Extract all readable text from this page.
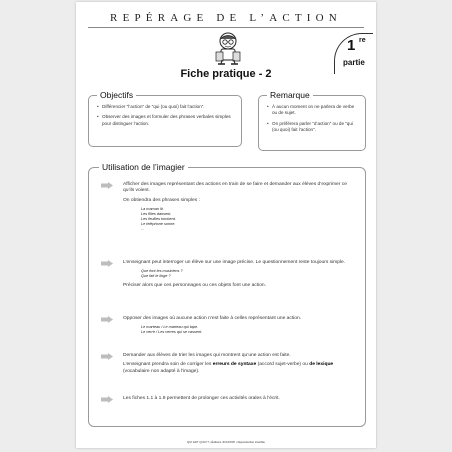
REPÉRAGE DE L’ACTION
Fiche pratique - 2
1 re
partie
Objectifs
• Différencier “l’action” de “qui (ou quoi) fait l’action”.
• Observer des images et formuler des phrases verbales simples pour distinguer l’action.
Remarque
• À aucun moment on ne parlera de verbe ou de sujet.
• On préférera parler “d’action” ou de “qui (ou quoi) fait l’action”.
Utilisation de l’imagier
Afficher des images représentant des actions en train de se faire et demander aux élèves d’exprimer ce qu’ils voient.
On obtiendra des phrases simples :
La maman lit.
Les filles dansent.
Les feuilles tombent.
Le téléphone sonne.
...
L’enseignant peut interroger un élève sur une image précise. Le questionnement reste toujours simple.
Que font les musiciens ?
Que fait le linge ?
Préciser alors que ces personnages ou ces objets font une action.
Opposer des images où aucune action n’est faite à celles représentant une action.
Le marteau / Le marteau qui tape.
Le verre / Les verres qui se cassent.
Demander aux élèves de trier les images qui montrent qu’une action est faite.
L’enseignant prendra soin de corriger les erreurs de syntaxe (accord sujet-verbe) ou de lexique (vocabulaire non adapté à l’image).
Les fiches 1.1 à 1.9 permettent de prolonger ces activités orales à l’écrit.
QUI FAIT QUOI ? • Éditions JOCATOP • Reproduction interdite
